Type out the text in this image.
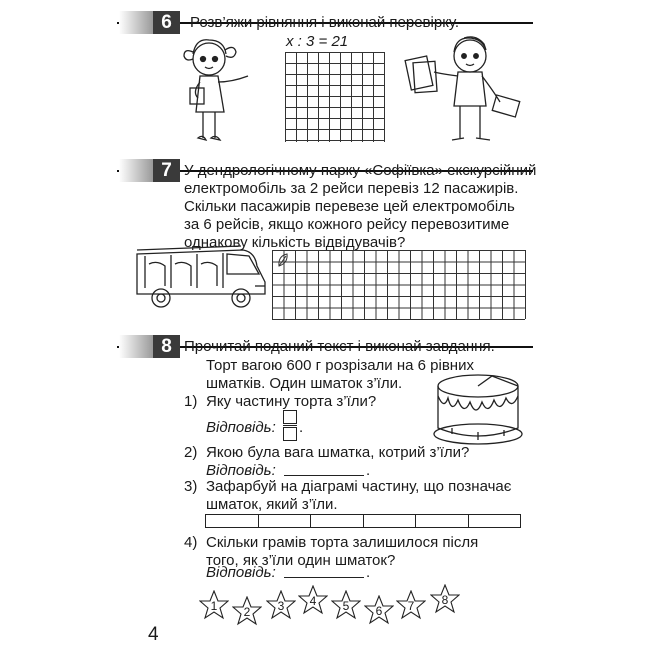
6	Розв’яжи рівняння і виконай перевірку.
x : 3 = 21
7 У дендрологічному парку «Софіївка» екскурсійний
електромобіль за 2 рейси перевіз 12 пасажирів.
Скільки пасажирів перевезе цей електромобіль
за 6 рейсів, якщо кожного рейсу перевозитиме
однакову кількість відвідувачів?
8 Прочитай поданий текст і виконай завдання.
Торт вагою 600 г розрізали на 6 рівних
шматків. Один шматок з’їли.
1) Яку частину торта з’їли?
Відповідь: .
2) Якою була вага шматка, котрий з’їли?
Відповідь:	.
3) Зафарбуй на діаграмі частину, що позначає
шматок, який з’їли.
4) Скільки грамів торта залишилося після
того, як з’їли один шматок?
Відповідь:	.
1	2	3	4	5	6	7	8
4
